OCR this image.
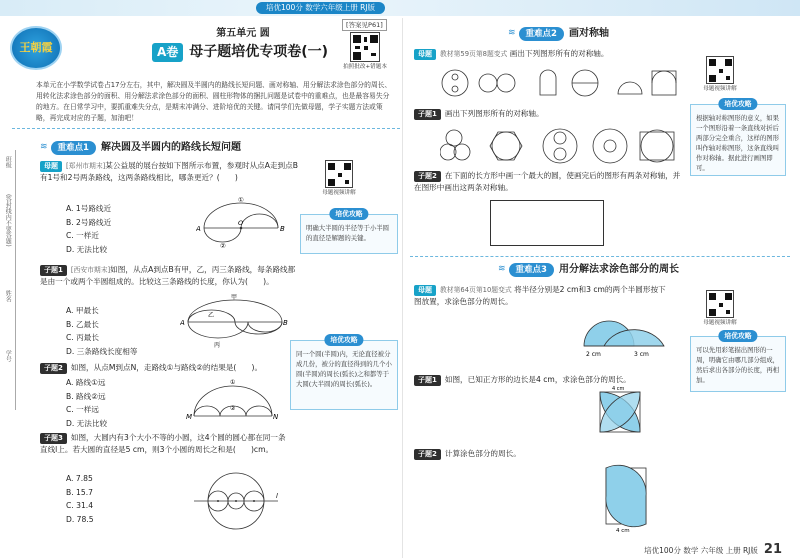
培优100分 数学六年级上册 RJ版
王朝霞
第五单元 圆
A卷 母子题培优专项卷(一)
[答案见P61]
拍照批改+错题本
本单元在小学数学试卷占17分左右，其中，解决圆及半圆内的路线长短问题、画对称轴、用分解法求涂色部分的周长、用转化法求涂色部分的面积、用分解法求涂色部分的面积、圆柱形物体的捆扎问题是试卷中的重难点，也是最容易失分的地方。在日常学习中，要抓重难失分点，是期末冲满分、进阶培优的关键。请同学们先做母题，学子实题方法或策略，再完成对应的子题，加油吧！
班级
(答封线内不要答题)
姓名
学号
≋	重难点1	解决圆及半圆内的路线长短问题
母题视频讲解
母题 [郑州市期末]某公益展的展台按如下图所示布置，参观时从点A走到点B有1号和2号两条路线，这两条路线相比，哪条更近？(　　)
A. 1号路线近
B. 2号路线近
C. 一样近
D. 无法比较
A	B
O
①
②
培优攻略
明确大半圆的半径等于小半圆的直径是解题的关键。
子题1 [西安市期末]如图，从点A到点B有甲，乙，丙三条路线，每条路线都是由一个或两个半圆组成的。比较这三条路线的长度，你认为(　　)。
A. 甲最长
B. 乙最长
C. 丙最长
D. 三条路线长度相等
A	B
甲
乙
丙
培优攻略
同一个圆(半圆)内，无论直径被分成几份，被分的直径得到的几个小圆(半圆)的周长(弧长)之和都等于大圆(大半圆)的周长(弧长)。
子题2 如图，从点M到点N，走路线①与路线②的结果是(　　)。
A. 路线①远
B. 路线②远
C. 一样远
D. 无法比较
M	N
①
②
子题3 如图，大圆内有3个大小不等的小圆，这4个圆的圆心都在同一条直线l上。若大圆的直径是5 cm，则3个小圆的周长之和是(　　)cm。
A. 7.85
B. 15.7
C. 31.4
D. 78.5
l
≋	重难点2	画对称轴
母题 教材第59页第8题变式 画出下列图形所有的对称轴。
母题视频讲解
培优攻略
根据轴对称图形的意义，如果一个图形沿着一条直线对折后两部分完全重合，这样的图形叫作轴对称图形，这条直线叫作对称轴。据此进行画图即可。
子题1 画出下列图形所有的对称轴。
子题2 在下面的长方形中画一个最大的圆，使画完后的图形有两条对称轴，并在图形中画出这两条对称轴。
≋	重难点3	用分解法求涂色部分的周长
母题 教材第64页第10题变式 将半径分别是2 cm和3 cm的两个半圆形按下图放置，求涂色部分的周长。
2 cm	3 cm
母题视频讲解
培优攻略
可以先用彩笔描出图形的一周，明确它由哪几部分组成，然后求出各部分的长度，再相加。
子题1 如图，已知正方形的边长是4 cm，求涂色部分的周长。
4 cm
子题2 计算涂色部分的周长。
4 cm
培优100分 数学 六年级 上册 RJ版 21
